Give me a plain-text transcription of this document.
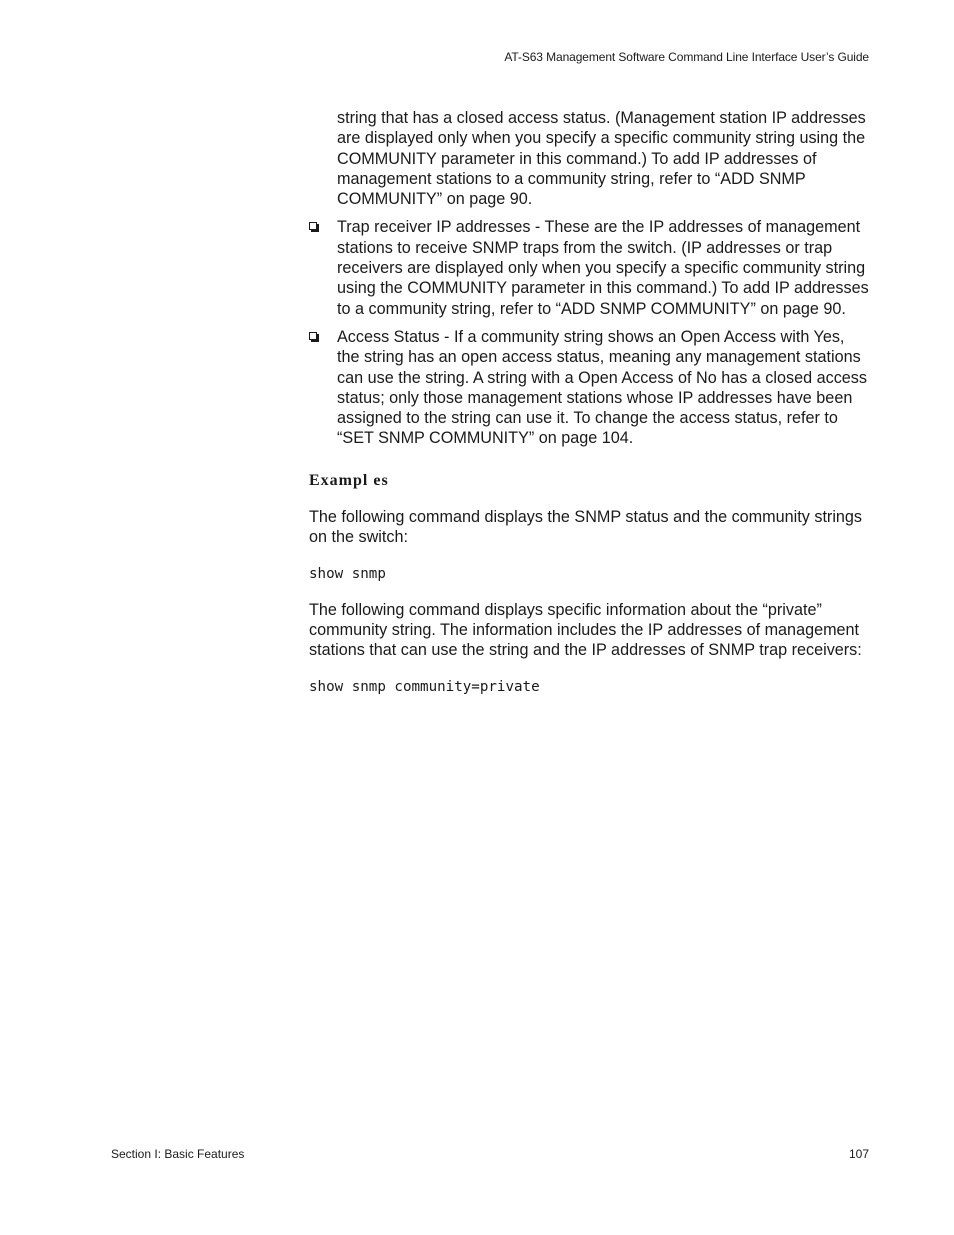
AT-S63 Management Software Command Line Interface User’s Guide

string that has a closed access status. (Management station IP addresses are displayed only when you specify a specific community string using the COMMUNITY parameter in this command.) To add IP addresses of management stations to a community string, refer to “ADD SNMP COMMUNITY” on page 90.

Trap receiver IP addresses - These are the IP addresses of management stations to receive SNMP traps from the switch. (IP addresses or trap receivers are displayed only when you specify a specific community string using the COMMUNITY parameter in this command.) To add IP addresses to a community string, refer to “ADD SNMP COMMUNITY” on page 90.
Access Status - If a community string shows an Open Access with Yes, the string has an open access status, meaning any management stations can use the string. A string with a Open Access of No has a closed access status; only those management stations whose IP addresses have been assigned to the string can use it. To change the access status, refer to “SET SNMP COMMUNITY” on page 104.
Exampl es

The following command displays the SNMP status and the community strings on the switch:

show snmp

The following command displays specific information about the “private” community string. The information includes the IP addresses of management stations that can use the string and the IP addresses of SNMP trap receivers:

show snmp community=private
Section I: Basic Features	107
